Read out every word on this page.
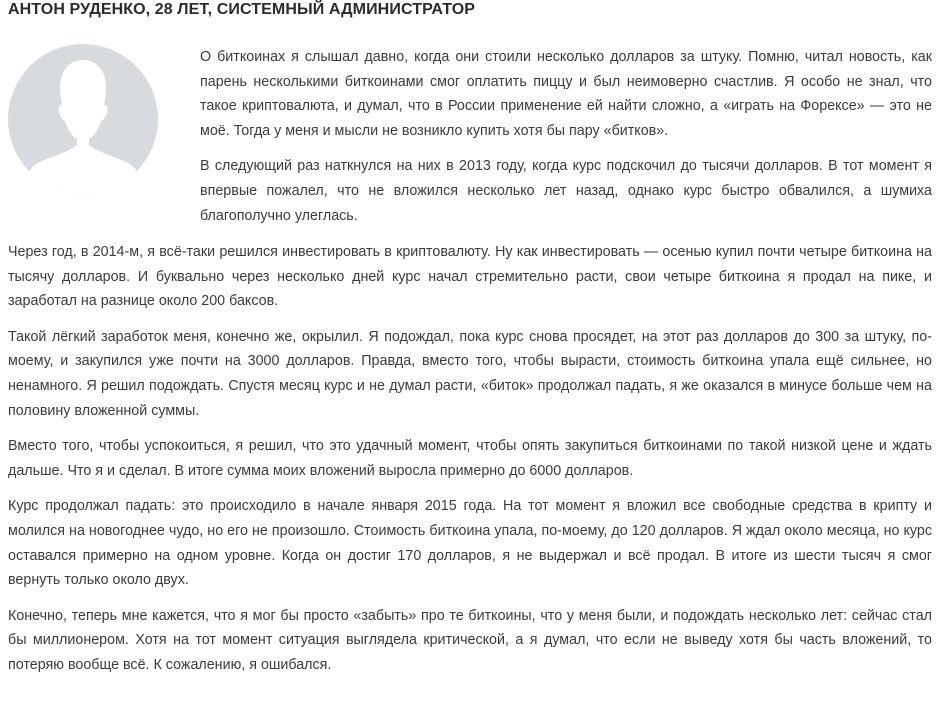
АНТОН РУДЕНКО, 28 ЛЕТ, СИСТЕМНЫЙ АДМИНИСТРАТОР

О биткоинах я слышал давно, когда они стоили несколько долларов за штуку. Помню, читал новость, как парень несколькими биткоинами смог оплатить пиццу и был неимоверно счастлив. Я особо не знал, что такое криптовалюта, и думал, что в России применение ей найти сложно, а «играть на Форексе» — это не моё. Тогда у меня и мысли не возникло купить хотя бы пару «битков».

В следующий раз наткнулся на них в 2013 году, когда курс подскочил до тысячи долларов. В тот момент я впервые пожалел, что не вложился несколько лет назад, однако курс быстро обвалился, а шумиха благополучно улеглась.

Через год, в 2014-м, я всё-таки решился инвестировать в криптовалюту. Ну как инвестировать — осенью купил почти четыре биткоина на тысячу долларов. И буквально через несколько дней курс начал стремительно расти, свои четыре биткоина я продал на пике, и заработал на разнице около 200 баксов.

Такой лёгкий заработок меня, конечно же, окрылил. Я подождал, пока курс снова просядет, на этот раз долларов до 300 за штуку, по-моему, и закупился уже почти на 3000 долларов. Правда, вместо того, чтобы вырасти, стоимость биткоина упала ещё сильнее, но ненамного. Я решил подождать. Спустя месяц курс и не думал расти, «биток» продолжал падать, я же оказался в минусе больше чем на половину вложенной суммы.

Вместо того, чтобы успокоиться, я решил, что это удачный момент, чтобы опять закупиться биткоинами по такой низкой цене и ждать дальше. Что я и сделал. В итоге сумма моих вложений выросла примерно до 6000 долларов.

Курс продолжал падать: это происходило в начале января 2015 года. На тот момент я вложил все свободные средства в крипту и молился на новогоднее чудо, но его не произошло. Стоимость биткоина упала, по-моему, до 120 долларов. Я ждал около месяца, но курс оставался примерно на одном уровне. Когда он достиг 170 долларов, я не выдержал и всё продал. В итоге из шести тысяч я смог вернуть только около двух.

Конечно, теперь мне кажется, что я мог бы просто «забыть» про те биткоины, что у меня были, и подождать несколько лет: сейчас стал бы миллионером. Хотя на тот момент ситуация выглядела критической, а я думал, что если не выведу хотя бы часть вложений, то потеряю вообще всё. К сожалению, я ошибался.
